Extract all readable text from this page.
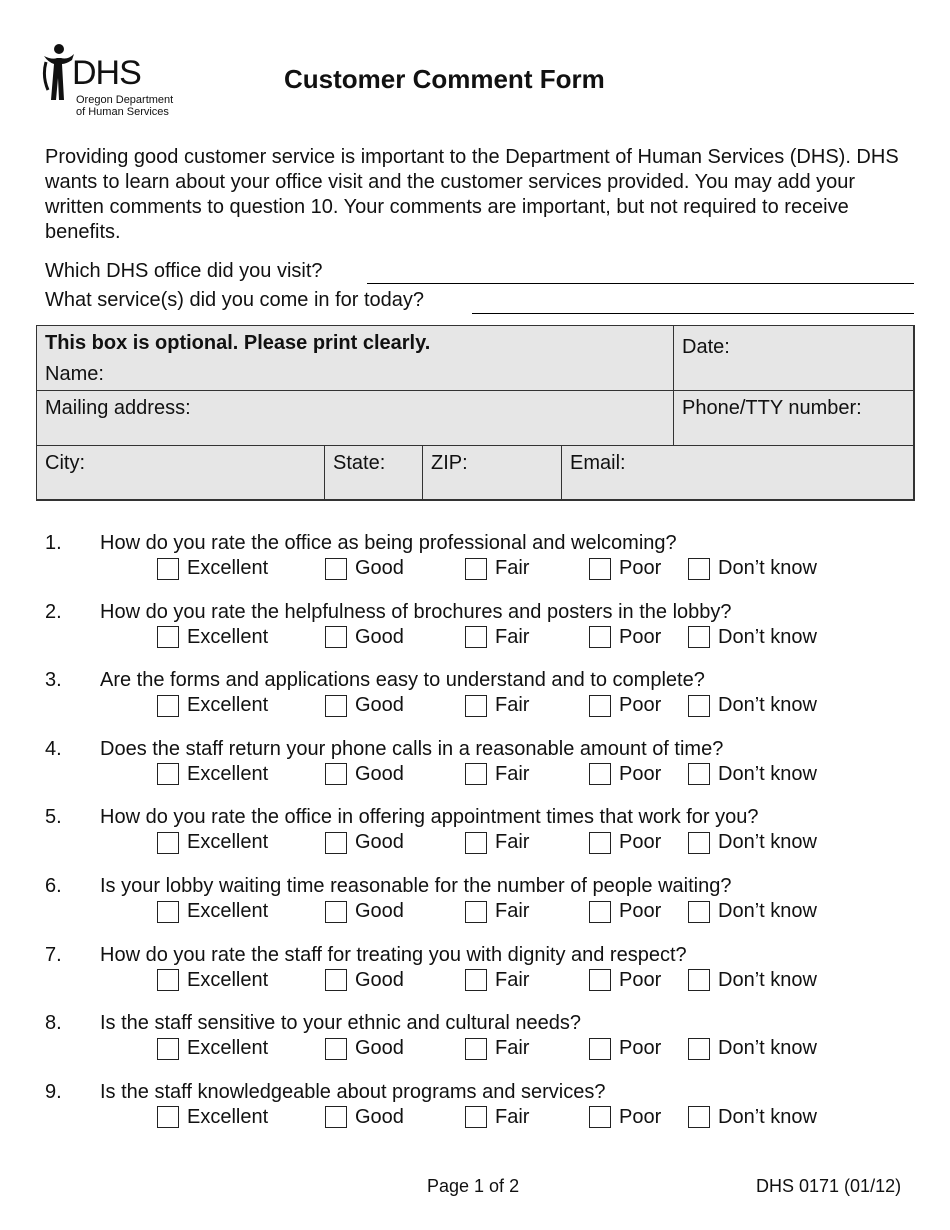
DHS
Oregon Department
of Human Services
Customer Comment Form
Providing good customer service is important to the Department of Human Services (DHS). DHS wants to learn about your office visit and the customer services provided. You may add your written comments to question 10. Your comments are important, but not required to receive benefits.
Which DHS office did you visit?
What service(s) did you come in for today?
This box is optional. Please print clearly.
Name:
Date:
Mailing address:	Phone/TTY number:
City:	State:	ZIP:	Email:
1. How do you rate the office as being professional and welcoming?
Excellent	Good	Fair	Poor	Don’t know
2. How do you rate the helpfulness of brochures and posters in the lobby?
Excellent	Good	Fair	Poor	Don’t know
3. Are the forms and applications easy to understand and to complete?
Excellent	Good	Fair	Poor	Don’t know
4. Does the staff return your phone calls in a reasonable amount of time?
Excellent	Good	Fair	Poor	Don’t know
5. How do you rate the office in offering appointment times that work for you?
Excellent	Good	Fair	Poor	Don’t know
6. Is your lobby waiting time reasonable for the number of people waiting?
Excellent	Good	Fair	Poor	Don’t know
7. How do you rate the staff for treating you with dignity and respect?
Excellent	Good	Fair	Poor	Don’t know
8. Is the staff sensitive to your ethnic and cultural needs?
Excellent	Good	Fair	Poor	Don’t know
9. Is the staff knowledgeable about programs and services?
Excellent	Good	Fair	Poor	Don’t know
Page 1 of 2	DHS 0171 (01/12)
